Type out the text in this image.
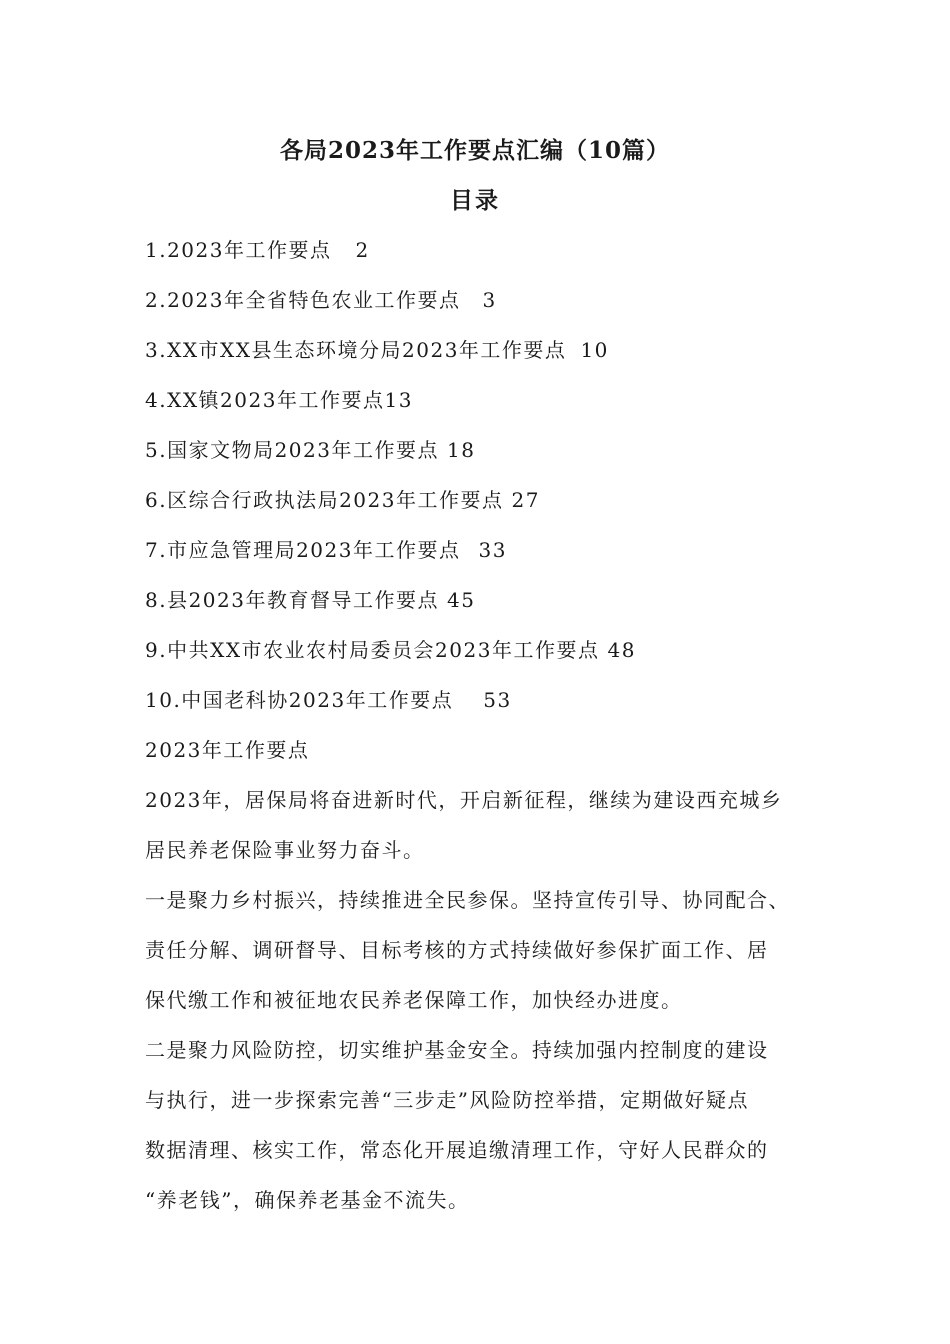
各局2023年工作要点汇编（10篇）
目录
1.2023年工作要点 2
2.2023年全省特色农业工作要点 3
3.XX市XX县生态环境分局2023年工作要点 10
4.XX镇2023年工作要点13
5.国家文物局2023年工作要点 18
6.区综合行政执法局2023年工作要点 27
7.市应急管理局2023年工作要点 33
8.县2023年教育督导工作要点 45
9.中共XX市农业农村局委员会2023年工作要点 48
10.中国老科协2023年工作要点 53
2023年工作要点
2023年，居保局将奋进新时代，开启新征程，继续为建设西充城乡
居民养老保险事业努力奋斗。
一是聚力乡村振兴，持续推进全民参保。坚持宣传引导、协同配合、
责任分解、调研督导、目标考核的方式持续做好参保扩面工作、居
保代缴工作和被征地农民养老保障工作，加快经办进度。
二是聚力风险防控，切实维护基金安全。持续加强内控制度的建设
与执行，进一步探索完善“三步走”风险防控举措，定期做好疑点
数据清理、核实工作，常态化开展追缴清理工作，守好人民群众的
“养老钱”，确保养老基金不流失。
